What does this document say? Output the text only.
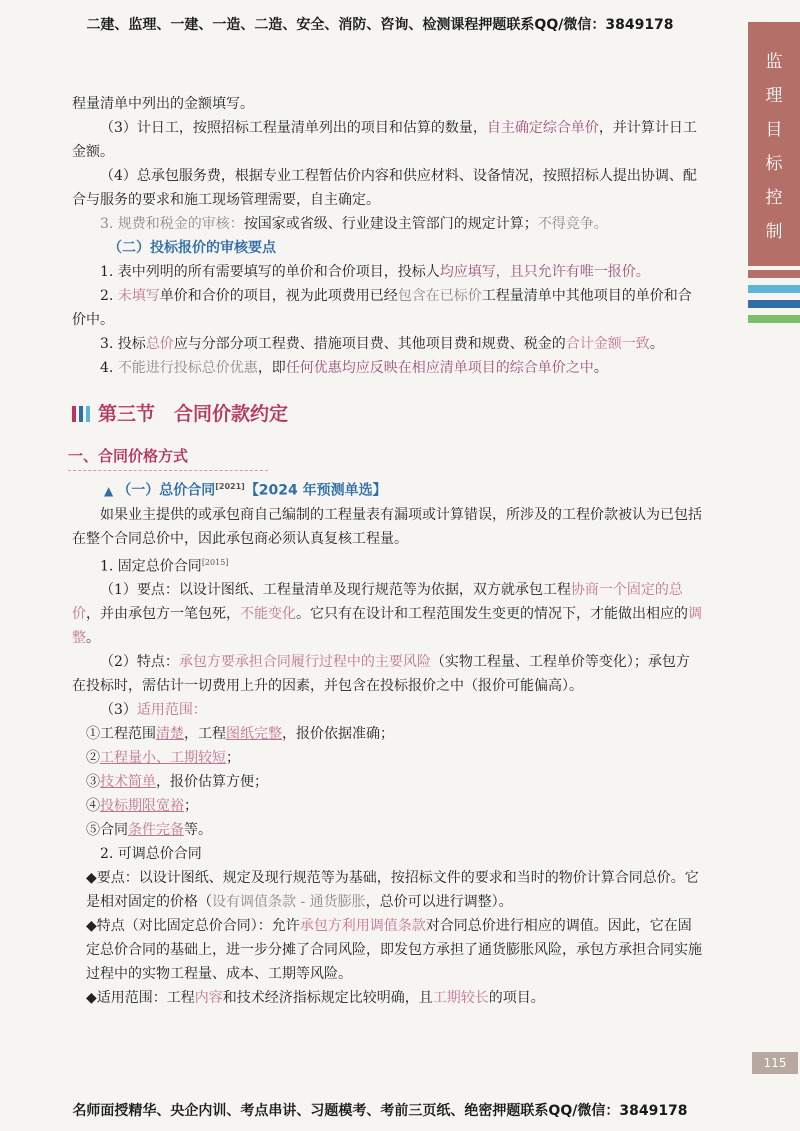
二建、监理、一建、一造、二造、安全、消防、咨询、检测课程押题联系QQ/微信：3849178
监
理
目
标
控
制

程量清单中列出的金额填写。

（3）计日工，按照招标工程量清单列出的项目和估算的数量，自主确定综合单价，并计算计日工金额。

（4）总承包服务费，根据专业工程暂估价内容和供应材料、设备情况，按照招标人提出协调、配合与服务的要求和施工现场管理需要，自主确定。

3. 规费和税金的审核：按国家或省级、行业建设主管部门的规定计算；不得竞争。

（二）投标报价的审核要点

1. 表中列明的所有需要填写的单价和合价项目，投标人均应填写，且只允许有唯一报价。

2. 未填写单价和合价的项目，视为此项费用已经包含在已标价工程量清单中其他项目的单价和合价中。

3. 投标总价应与分部分项工程费、措施项目费、其他项目费和规费、税金的合计金额一致。

4. 不能进行投标总价优惠，即任何优惠均应反映在相应清单项目的综合单价之中。

第三节　合同价款约定
一、合同价格方式
▲ （一）总价合同[2021]【2024 年预测单选】

如果业主提供的或承包商自己编制的工程量表有漏项或计算错误，所涉及的工程价款被认为已包括在整个合同总价中，因此承包商必须认真复核工程量。

1. 固定总价合同[2015]

（1）要点：以设计图纸、工程量清单及现行规范等为依据，双方就承包工程协商一个固定的总价，并由承包方一笔包死，不能变化。它只有在设计和工程范围发生变更的情况下，才能做出相应的调整。

（2）特点：承包方要承担合同履行过程中的主要风险（实物工程量、工程单价等变化）；承包方在投标时，需估计一切费用上升的因素，并包含在投标报价之中（报价可能偏高）。

（3）适用范围：

①工程范围清楚，工程图纸完整，报价依据准确；

②工程量小、工期较短；

③技术简单，报价估算方便；

④投标期限宽裕；

⑤合同条件完备等。

2. 可调总价合同

◆要点：以设计图纸、规定及现行规范等为基础，按招标文件的要求和当时的物价计算合同总价。它是相对固定的价格（设有调值条款 - 通货膨胀，总价可以进行调整）。

◆特点（对比固定总价合同）：允许承包方利用调值条款对合同总价进行相应的调值。因此，它在固定总价合同的基础上，进一步分摊了合同风险，即发包方承担了通货膨胀风险，承包方承担合同实施过程中的实物工程量、成本、工期等风险。

◆适用范围：工程内容和技术经济指标规定比较明确，且工期较长的项目。

115
名师面授精华、央企内训、考点串讲、习题模考、考前三页纸、绝密押题联系QQ/微信：3849178
